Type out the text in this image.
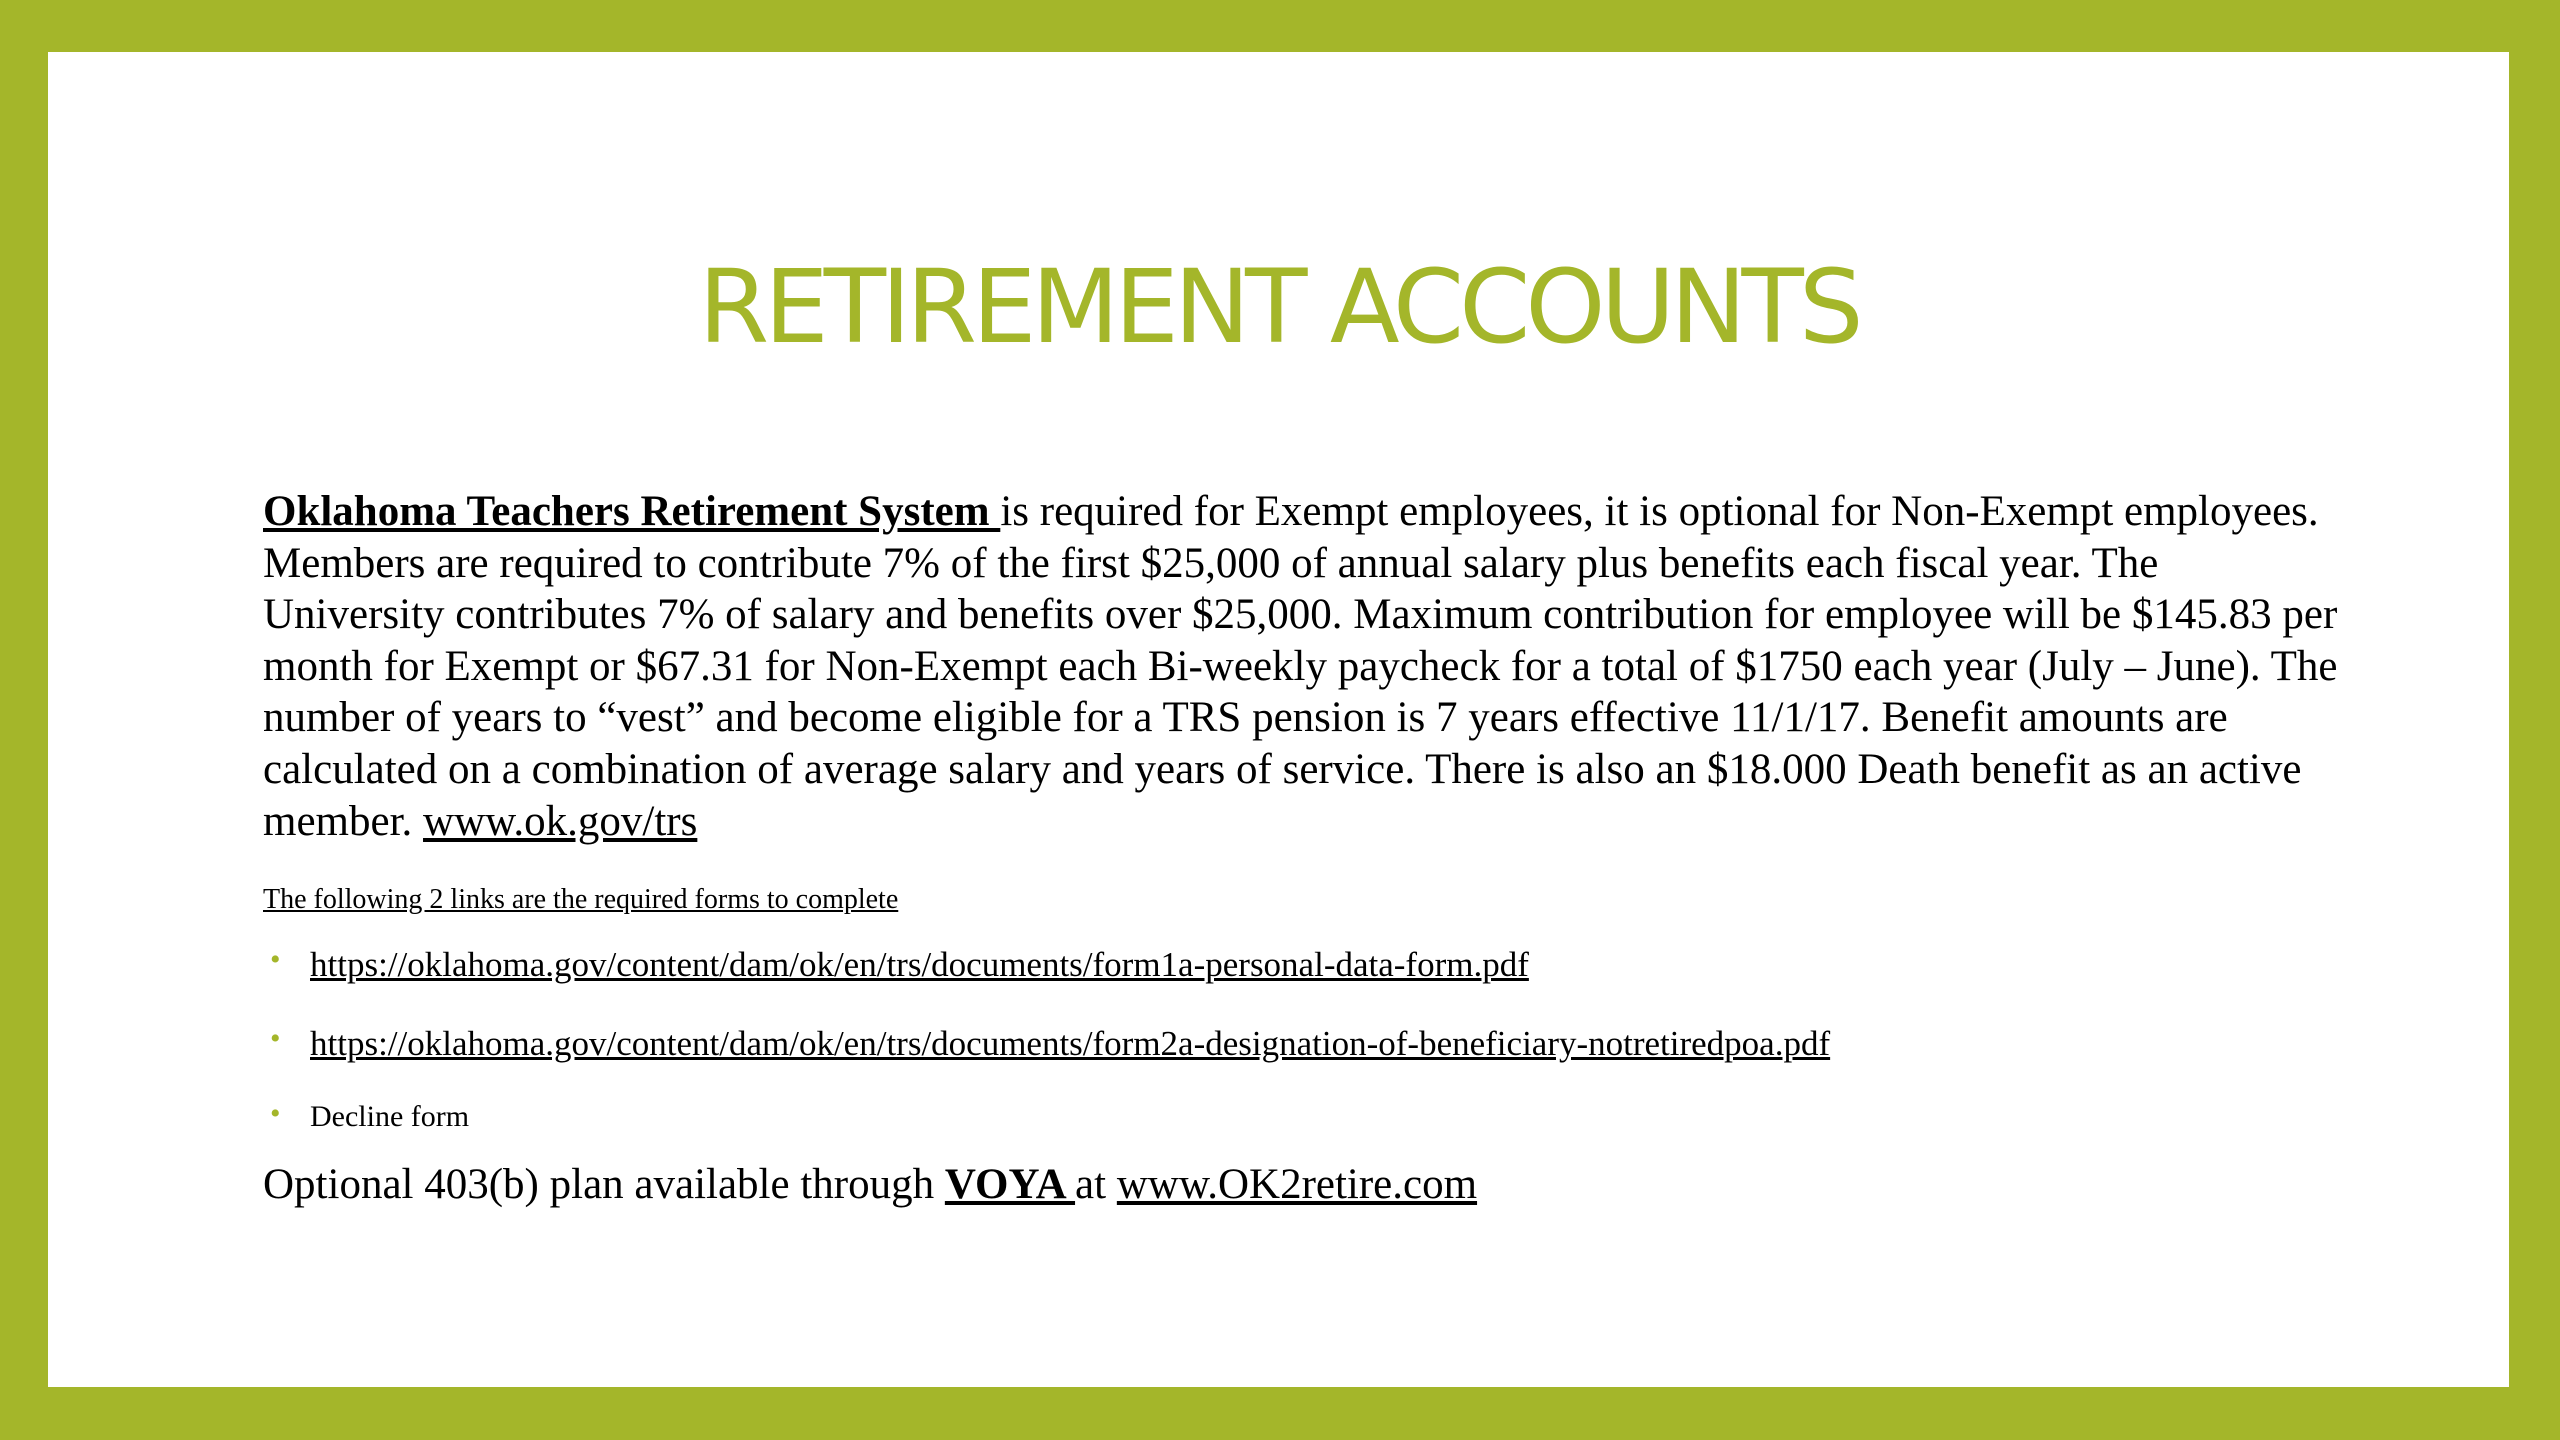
RETIREMENT ACCOUNTS

Oklahoma Teachers Retirement System is required for Exempt employees, it is optional for Non-Exempt employees. Members are required to contribute 7% of the first $25,000 of annual salary plus benefits each fiscal year. The University contributes 7% of salary and benefits over $25,000. Maximum contribution for employee will be $145.83 per month for Exempt or $67.31 for Non-Exempt each Bi-weekly paycheck for a total of $1750 each year (July – June). The number of years to “vest” and become eligible for a TRS pension is 7 years effective 11/1/17. Benefit amounts are calculated on a combination of average salary and years of service. There is also an $18.000 Death benefit as an active member. www.ok.gov/trs

The following 2 links are the required forms to complete

• https://oklahoma.gov/content/dam/ok/en/trs/documents/form1a-personal-data-form.pdf
• https://oklahoma.gov/content/dam/ok/en/trs/documents/form2a-designation-of-beneficiary-notretiredpoa.pdf
• Decline form

Optional 403(b) plan available through VOYA at www.OK2retire.com
